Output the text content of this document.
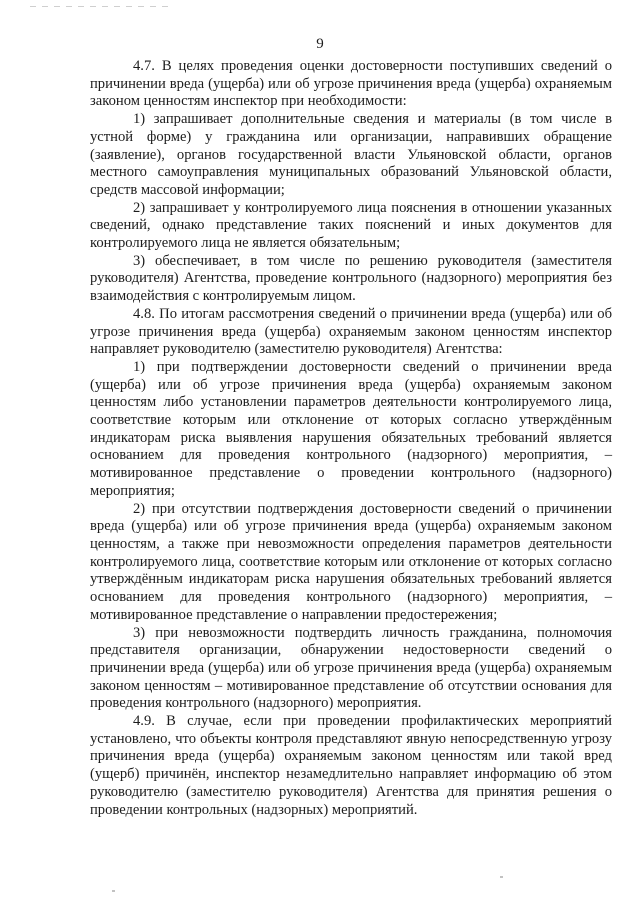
9

4.7. В целях проведения оценки достоверности поступивших сведений о причинении вреда (ущерба) или об угрозе причинения вреда (ущерба) охраняемым законом ценностям инспектор при необходимости:

1) запрашивает дополнительные сведения и материалы (в том числе в устной форме) у гражданина или организации, направивших обращение (заявление), органов государственной власти Ульяновской области, органов местного самоуправления муниципальных образований Ульяновской области, средств массовой информации;

2) запрашивает у контролируемого лица пояснения в отношении указанных сведений, однако представление таких пояснений и иных документов для контролируемого лица не является обязательным;

3) обеспечивает, в том числе по решению руководителя (заместителя руководителя) Агентства, проведение контрольного (надзорного) мероприятия без взаимодействия с контролируемым лицом.

4.8. По итогам рассмотрения сведений о причинении вреда (ущерба) или об угрозе причинения вреда (ущерба) охраняемым законом ценностям инспектор направляет руководителю (заместителю руководителя) Агентства:

1) при подтверждении достоверности сведений о причинении вреда (ущерба) или об угрозе причинения вреда (ущерба) охраняемым законом ценностям либо установлении параметров деятельности контролируемого лица, соответствие которым или отклонение от которых согласно утверждённым индикаторам риска выявления нарушения обязательных требований является основанием для проведения контрольного (надзорного) мероприятия, – мотивированное представление о проведении контрольного (надзорного) мероприятия;

2) при отсутствии подтверждения достоверности сведений о причинении вреда (ущерба) или об угрозе причинения вреда (ущерба) охраняемым законом ценностям, а также при невозможности определения параметров деятельности контролируемого лица, соответствие которым или отклонение от которых согласно утверждённым индикаторам риска нарушения обязательных требований является основанием для проведения контрольного (надзорного) мероприятия, – мотивированное представление о направлении предостережения;

3) при невозможности подтвердить личность гражданина, полномочия представителя организации, обнаружении недостоверности сведений о причинении вреда (ущерба) или об угрозе причинения вреда (ущерба) охраняемым законом ценностям – мотивированное представление об отсутствии основания для проведения контрольного (надзорного) мероприятия.

4.9. В случае, если при проведении профилактических мероприятий установлено, что объекты контроля представляют явную непосредственную угрозу причинения вреда (ущерба) охраняемым законом ценностям или такой вред (ущерб) причинён, инспектор незамедлительно направляет информацию об этом руководителю (заместителю руководителя) Агентства для принятия решения о проведении контрольных (надзорных) мероприятий.
